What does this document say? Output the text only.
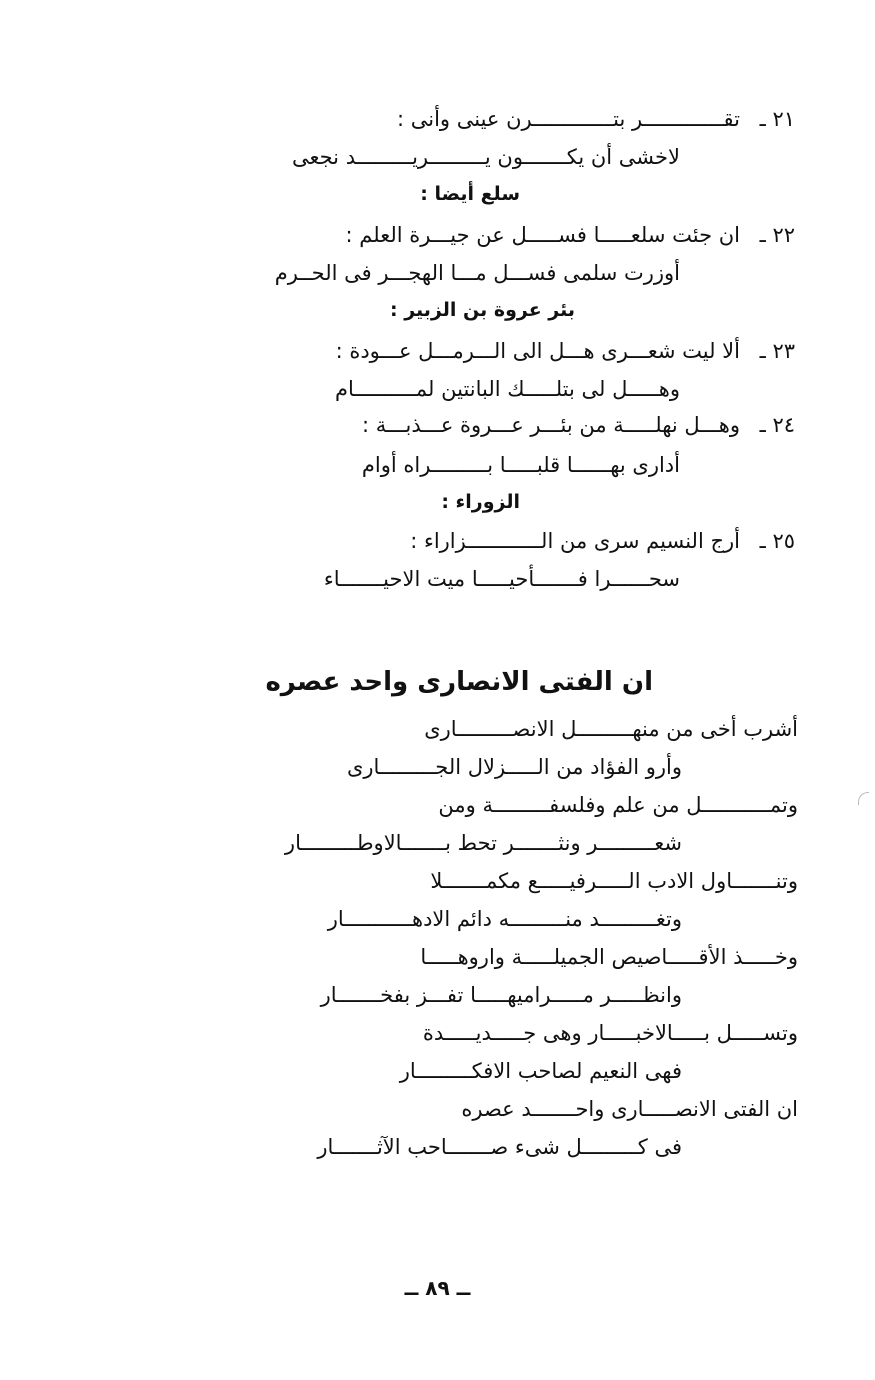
٢١ ـ
تقـــــــــــــر بتـــــــــــــرن عينى وأنى :
لاخشى أن يكـــــــون يـــــــــريـــــــــد نجعى
سلع أيضا :
٢٢ ـ
ان جئت سلعـــــا فســـــل عن جيـــرة العلم :
أوزرت سلمى فســـل مـــا الهجـــر فى الحــرم
بئر عروة بن الزبير :
٢٣ ـ
ألا ليت شعـــرى هـــل الى الـــرمـــل عـــودة :
وهـــــل لى بتلـــــك البانتين لمــــــــــام
٢٤ ـ
وهـــل نهلـــــة من بئـــر عـــروة عـــذبـــة :
أدارى بهــــــا قلبـــــا بـــــــــراه أوام
الزوراء :
٢٥ ـ
أرج النسيم سرى من الــــــــــــزاراء :
سحــــــرا فـــــــأحيـــــا ميت الاحيـــــــاء
ان الفتى الانصارى واحد عصره
أشرب أخى من منهـــــــــل الانصـــــــــارى
وأرو الفؤاد من الـــــزلال الجـــــــــارى
وتمـــــــــــل من علم وفلسفـــــــــة ومن
شعـــــــــر ونثـــــــر تحط بـــــــالاوطـــــــــار
وتنـــــــاول الادب الـــــرفيـــــع مكمـــــــلا
وتغـــــــــد منـــــــــه دائم الادهـــــــــــار
وخـــــذ الأقـــــاصيص الجميلـــــة واروهـــــا
وانظـــــر مـــــراميهـــــا تفـــز بفخـــــــار
وتســـــل بـــــالاخبـــــار وهى جـــــديـــــدة
فهى النعيم لصاحب الافكـــــــــار
ان الفتى الانصـــــارى واحـــــــد عصره
فى كـــــــــل شىء صـــــــاحب الآثـــــــار
ــ ٨٩ ــ
